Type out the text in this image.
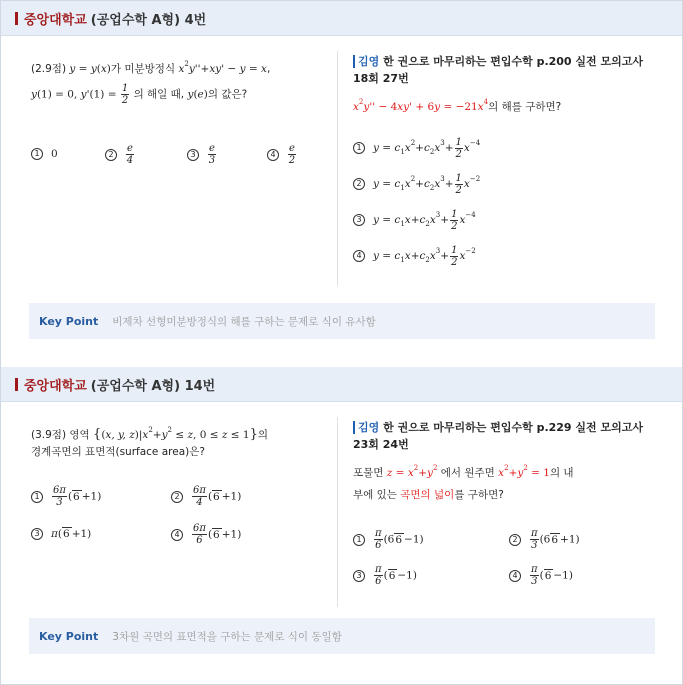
중앙대학교 (공업수학 A형) 4번
(2.9점) y = y(x)가 미분방정식 $x^2y''+xy' - y = x$,
y(1) = 0, $y'(1) = \frac{1}{2}$ 의 해일 때, y(e)의 값은?
1 0	$2 \frac{e}{4}$	$3 \frac{e}{3}$	$4 \frac{e}{2}$
김영 한 권으로 마무리하는 편입수학 p.200 실전 모의고사 18회 27번
$x^2y'' - 4xy' + 6y = -21x^4$의 해를 구하면?
1 $y = c_1x^2+c_2x^3+ \frac{1}{2} x^{-4}$
2 $y = c_1x^2+c_2x^3+ \frac{1}{2} x^{-2}$
3 $y = c_1x+c_2x^3+ \frac{1}{2} x^{-4}$
4 $y = c_1x+c_2x^3+ \frac{1}{2} x^{-2}$
Key Point 비제차 선형미분방정식의 해를 구하는 문제로 식이 유사함
중앙대학교 (공업수학 A형) 14번
(3.9점) 영역 {(x, y, $z)|x^2+y^2 \le z$, 0 ≤ z ≤ 1}의
경계곡면의 표면적(surface area)은?
$1 \frac{6\pi}{3} (6 +1)$	$2 \frac{6\pi}{4} (6 +1)$
3 π(6 +1)	$4 \frac{6\pi}{6} (6 +1)$
김영 한 권으로 마무리하는 편입수학 p.229 실전 모의고사 23회 24번
포물면 $z = x^2+y^2$ 에서 원주면 $x^2+y^2 = 1$의 내
부에 있는 곡면의 넓이를 구하면?
$1 \frac{\pi}{6} (66 -1)$	$2 \frac{\pi}{3} (66 +1)$
$3 \frac{\pi}{6} (6 -1)$	$4 \frac{\pi}{3} (6 -1)$
Key Point 3차원 곡면의 표면적을 구하는 문제로 식이 동일함
